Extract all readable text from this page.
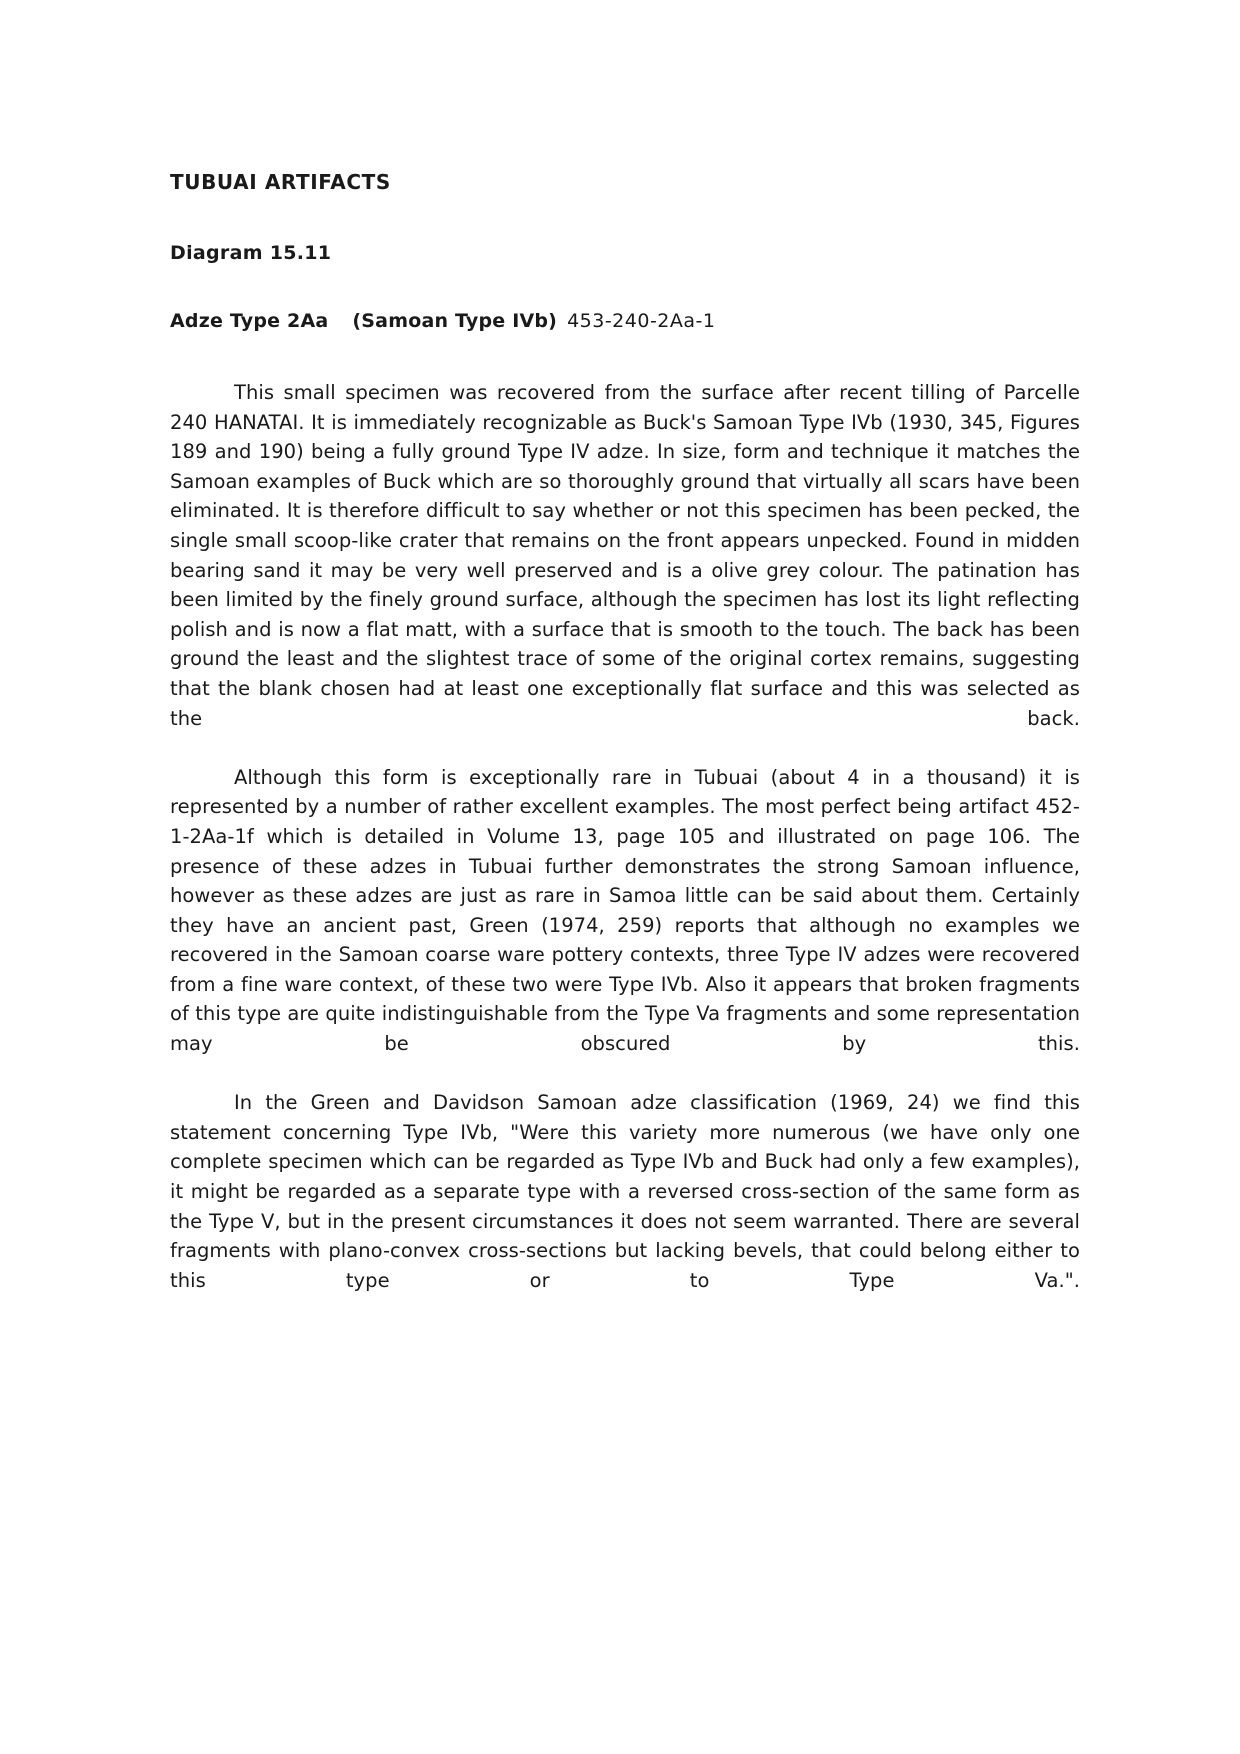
TUBUAI ARTIFACTS
Diagram 15.11
Adze Type 2Aa (Samoan Type IVb) 453-240-2Aa-1

This small specimen was recovered from the surface after recent tilling of Parcelle 240 HANATAI. It is immediately recognizable as Buck's Samoan Type IVb (1930, 345, Figures 189 and 190) being a fully ground Type IV adze. In size, form and technique it matches the Samoan examples of Buck which are so thoroughly ground that virtually all scars have been eliminated. It is therefore difficult to say whether or not this specimen has been pecked, the single small scoop-like crater that remains on the front appears unpecked. Found in midden bearing sand it may be very well preserved and is a olive grey colour. The patination has been limited by the finely ground surface, although the specimen has lost its light reflecting polish and is now a flat matt, with a surface that is smooth to the touch. The back has been ground the least and the slightest trace of some of the original cortex remains, suggesting that the blank chosen had at least one exceptionally flat surface and this was selected as the back.

Although this form is exceptionally rare in Tubuai (about 4 in a thousand) it is represented by a number of rather excellent examples. The most perfect being artifact 452-1-2Aa-1f which is detailed in Volume 13, page 105 and illustrated on page 106. The presence of these adzes in Tubuai further demonstrates the strong Samoan influence, however as these adzes are just as rare in Samoa little can be said about them. Certainly they have an ancient past, Green (1974, 259) reports that although no examples we recovered in the Samoan coarse ware pottery contexts, three Type IV adzes were recovered from a fine ware context, of these two were Type IVb. Also it appears that broken fragments of this type are quite indistinguishable from the Type Va fragments and some representation may be obscured by this.

In the Green and Davidson Samoan adze classification (1969, 24) we find this statement concerning Type IVb, "Were this variety more numerous (we have only one complete specimen which can be regarded as Type IVb and Buck had only a few examples), it might be regarded as a separate type with a reversed cross-section of the same form as the Type V, but in the present circumstances it does not seem warranted. There are several fragments with plano-convex cross-sections but lacking bevels, that could belong either to this type or to Type Va.".
